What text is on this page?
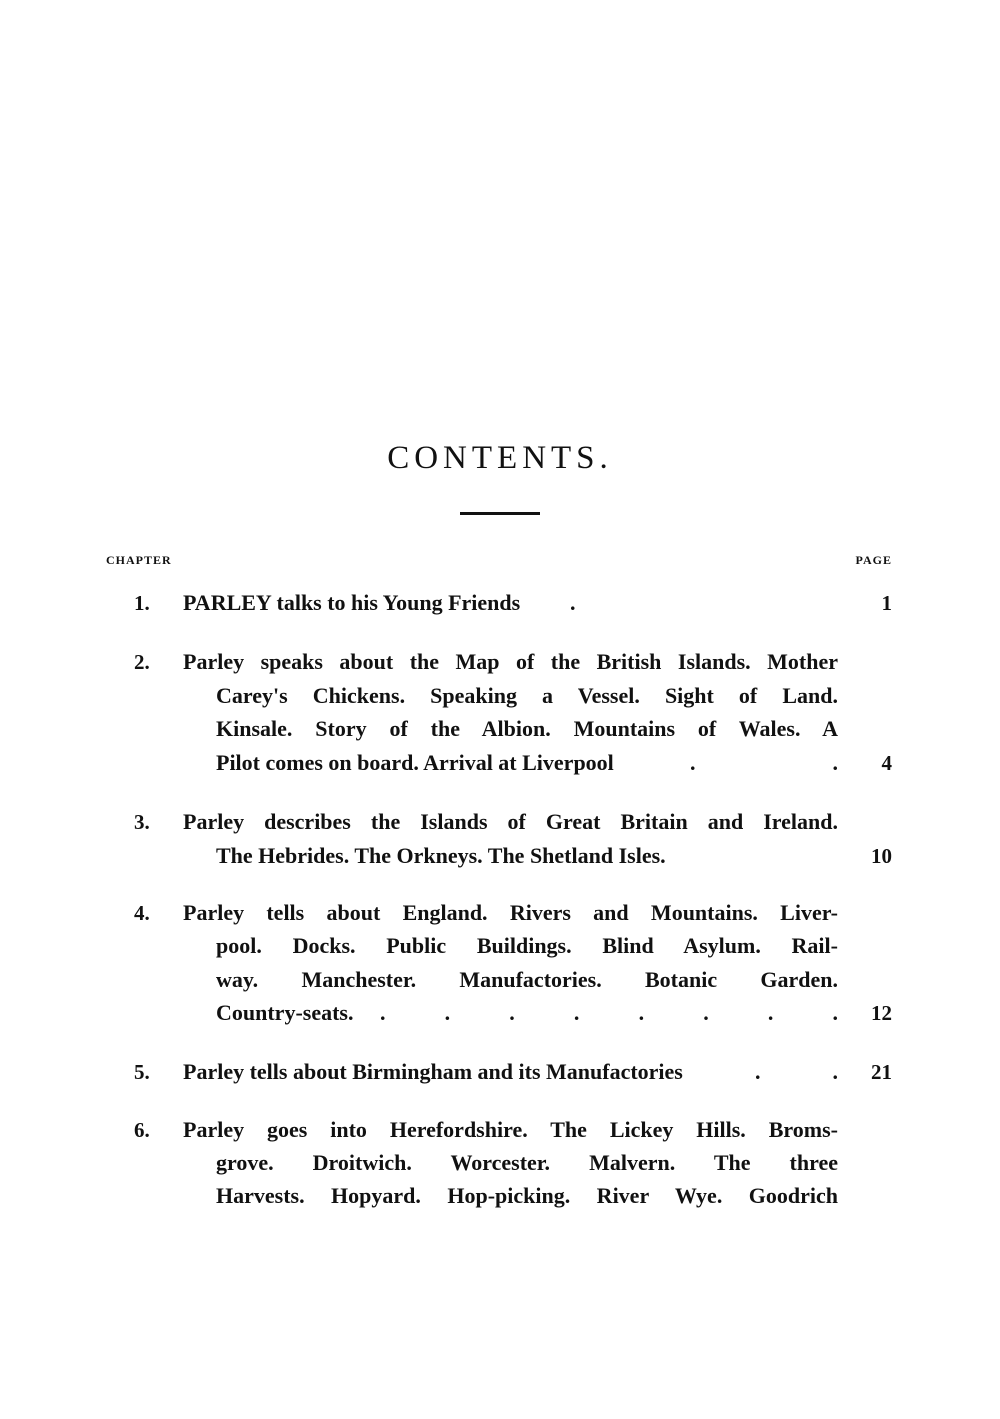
CONTENTS.
CHAPTER	PAGE
1. PARLEY talks to his Young Friends	.	1
2. Parley speaks about the Map of the British Islands. Mother
Carey's Chickens. Speaking a Vessel. Sight of Land.
Kinsale. Story of the Albion. Mountains of Wales. A
Pilot comes on board. Arrival at Liverpool	.	. 4
3. Parley describes the Islands of Great Britain and Ireland.
The Hebrides. The Orkneys. The Shetland Isles.	10
4. Parley tells about England. Rivers and Mountains. Liver-
pool. Docks. Public Buildings. Blind Asylum. Rail-
way. Manchester. Manufactories. Botanic Garden.
Country-seats.	.	.	.	.	.	.	.	. 12
5. Parley tells about Birmingham and its Manufactories	.	. 21
6. Parley goes into Herefordshire. The Lickey Hills. Broms-
grove. Droitwich. Worcester. Malvern. The three
Harvests. Hopyard. Hop-picking. River Wye. Goodrich
